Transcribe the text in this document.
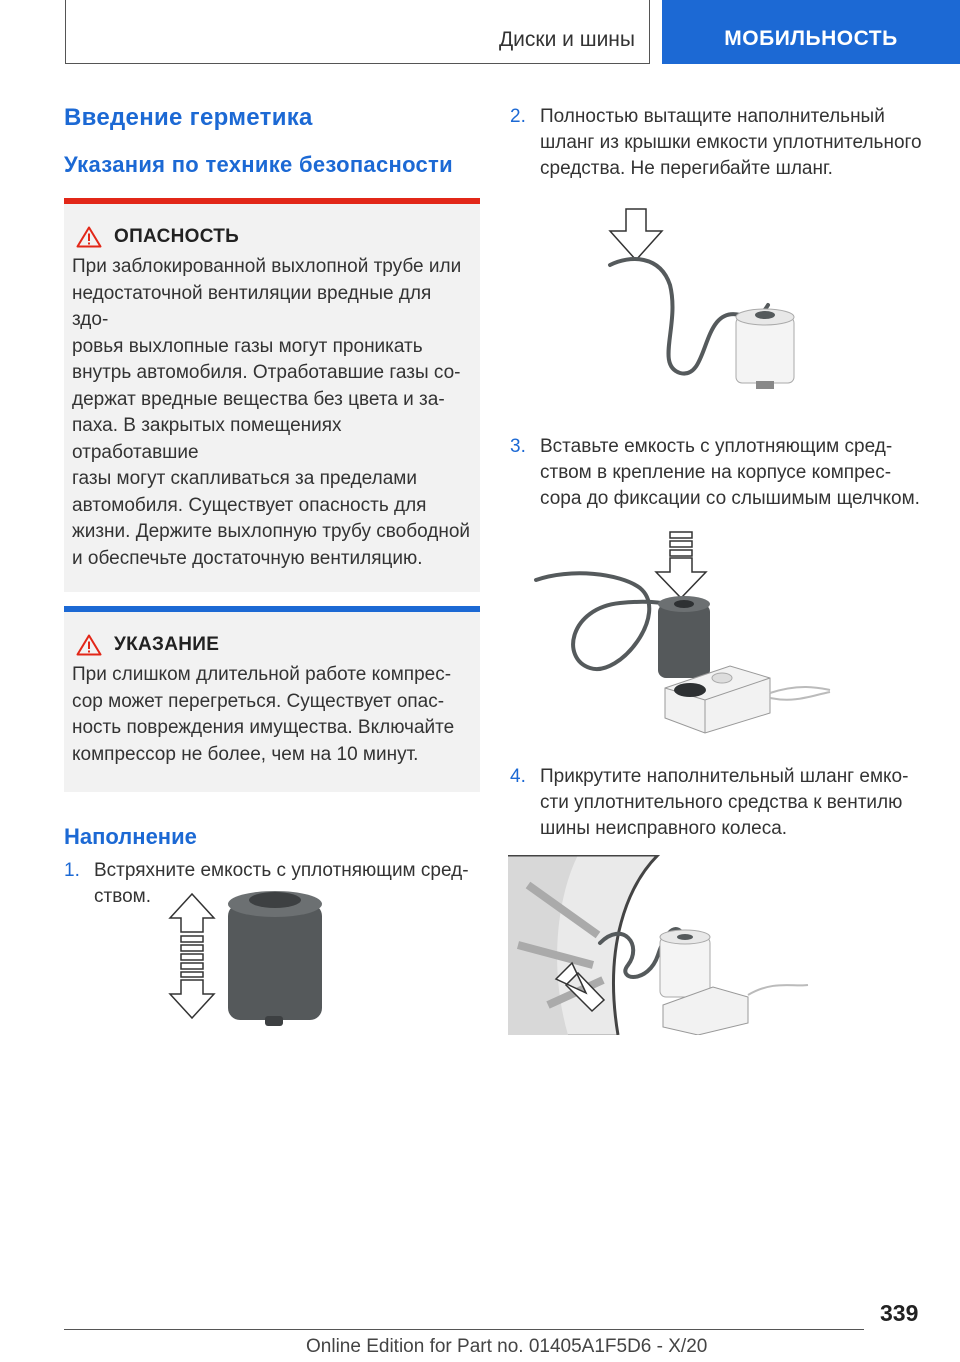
Диски и шины	МОБИЛЬНОСТЬ
Введение герметика
Указания по технике безопасности
ОПАСНОСТЬ
При заблокированной выхлопной трубе или
недостаточной вентиляции вредные для здо-
ровья выхлопные газы могут проникать
внутрь автомобиля. Отработавшие газы со-
держат вредные вещества без цвета и за-
паха. В закрытых помещениях отработавшие
газы могут скапливаться за пределами
автомобиля. Существует опасность для
жизни. Держите выхлопную трубу свободной
и обеспечьте достаточную вентиляцию.
УКАЗАНИЕ
При слишком длительной работе компрес-
сор может перегреться. Существует опас-
ность повреждения имущества. Включайте
компрессор не более, чем на 10 минут.
Наполнение
1. Встряхните емкость с уплотняющим сред-
ством.
2. Полностью вытащите наполнительный
шланг из крышки емкости уплотнительного
средства. Не перегибайте шланг.
3. Вставьте емкость с уплотняющим сред-
ством в крепление на корпусе компрес-
сора до фиксации со слышимым щелчком.
4. Прикрутите наполнительный шланг емко-
сти уплотнительного средства к вентилю
шины неисправного колеса.
339
Online Edition for Part no. 01405A1F5D6 - X/20
